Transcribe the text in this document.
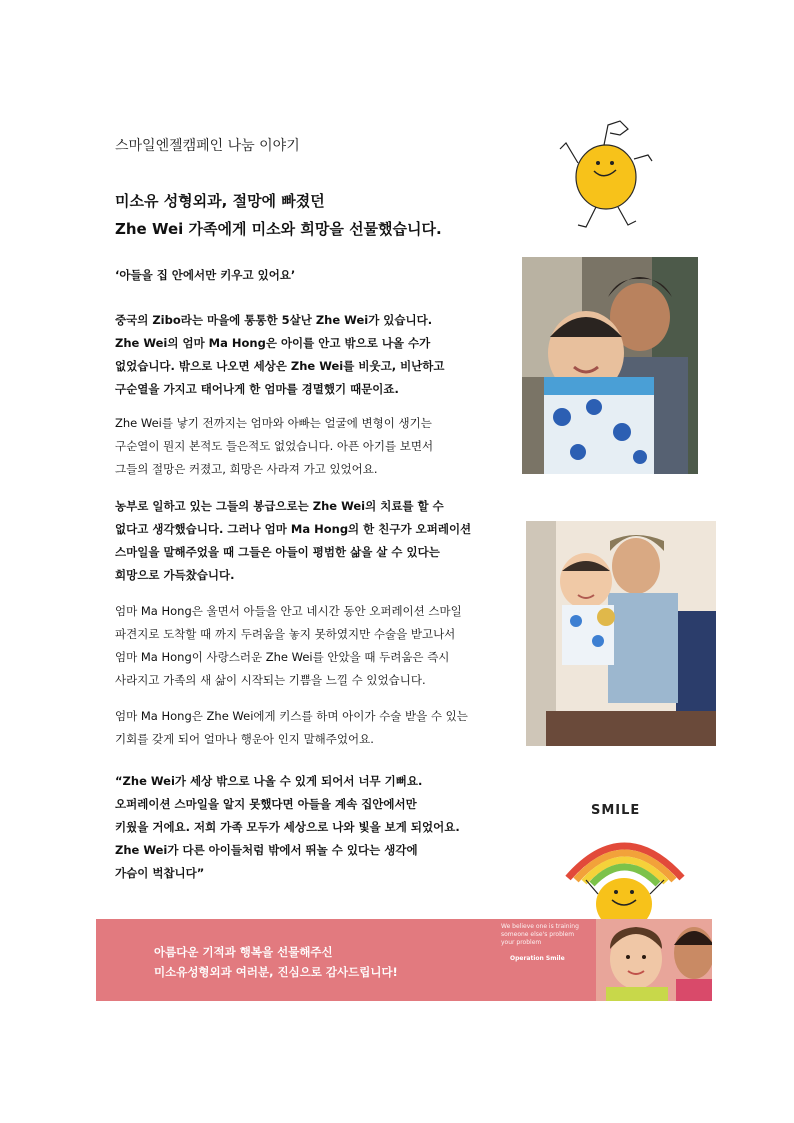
스마일엔젤캠페인 나눔 이야기
미소유 성형외과, 절망에 빠졌던
Zhe Wei 가족에게 미소와 희망을 선물했습니다.
‘아들을 집 안에서만 키우고 있어요’
중국의 Zibo라는 마을에 통통한 5살난 Zhe Wei가 있습니다.
Zhe Wei의 엄마 Ma Hong은 아이를 안고 밖으로 나올 수가
없었습니다. 밖으로 나오면 세상은 Zhe Wei를 비웃고, 비난하고
구순열을 가지고 태어나게 한 엄마를 경멸했기 때문이죠.
Zhe Wei를 낳기 전까지는 엄마와 아빠는 얼굴에 변형이 생기는
구순열이 뭔지 본적도 들은적도 없었습니다. 아픈 아기를 보면서
그들의 절망은 커졌고, 희망은 사라져 가고 있었어요.
농부로 일하고 있는 그들의 봉급으로는 Zhe Wei의 치료를 할 수
없다고 생각했습니다. 그러나 엄마 Ma Hong의 한 친구가 오퍼레이션
스마일을 말해주었을 때 그들은 아들이 평범한 삶을 살 수 있다는
희망으로 가득찼습니다.
엄마 Ma Hong은 울면서 아들을 안고 네시간 동안 오퍼레이션 스마일
파견지로 도착할 때 까지 두려움을 놓지 못하였지만 수술을 받고나서
엄마 Ma Hong이 사랑스러운 Zhe Wei를 안았을 때 두려움은 즉시
사라지고 가족의 새 삶이 시작되는 기쁨을 느낄 수 있었습니다.
엄마 Ma Hong은 Zhe Wei에게 키스를 하며 아이가 수술 받을 수 있는
기회를 갖게 되어 얼마나 행운아 인지 말해주었어요.
“Zhe Wei가 세상 밖으로 나올 수 있게 되어서 너무 기뻐요.
오퍼레이션 스마일을 알지 못했다면 아들을 계속 집안에서만
키웠을 거에요. 저희 가족 모두가 세상으로 나와 빛을 보게 되었어요.
Zhe Wei가 다른 아이들처럼 밖에서 뛰놀 수 있다는 생각에
가슴이 벅찹니다”
SMILE
아름다운 기적과 행복을 선물해주신
미소유성형외과 여러분, 진심으로 감사드립니다!
We believe one is training
someone else's problem
your problem
Operation Smile
